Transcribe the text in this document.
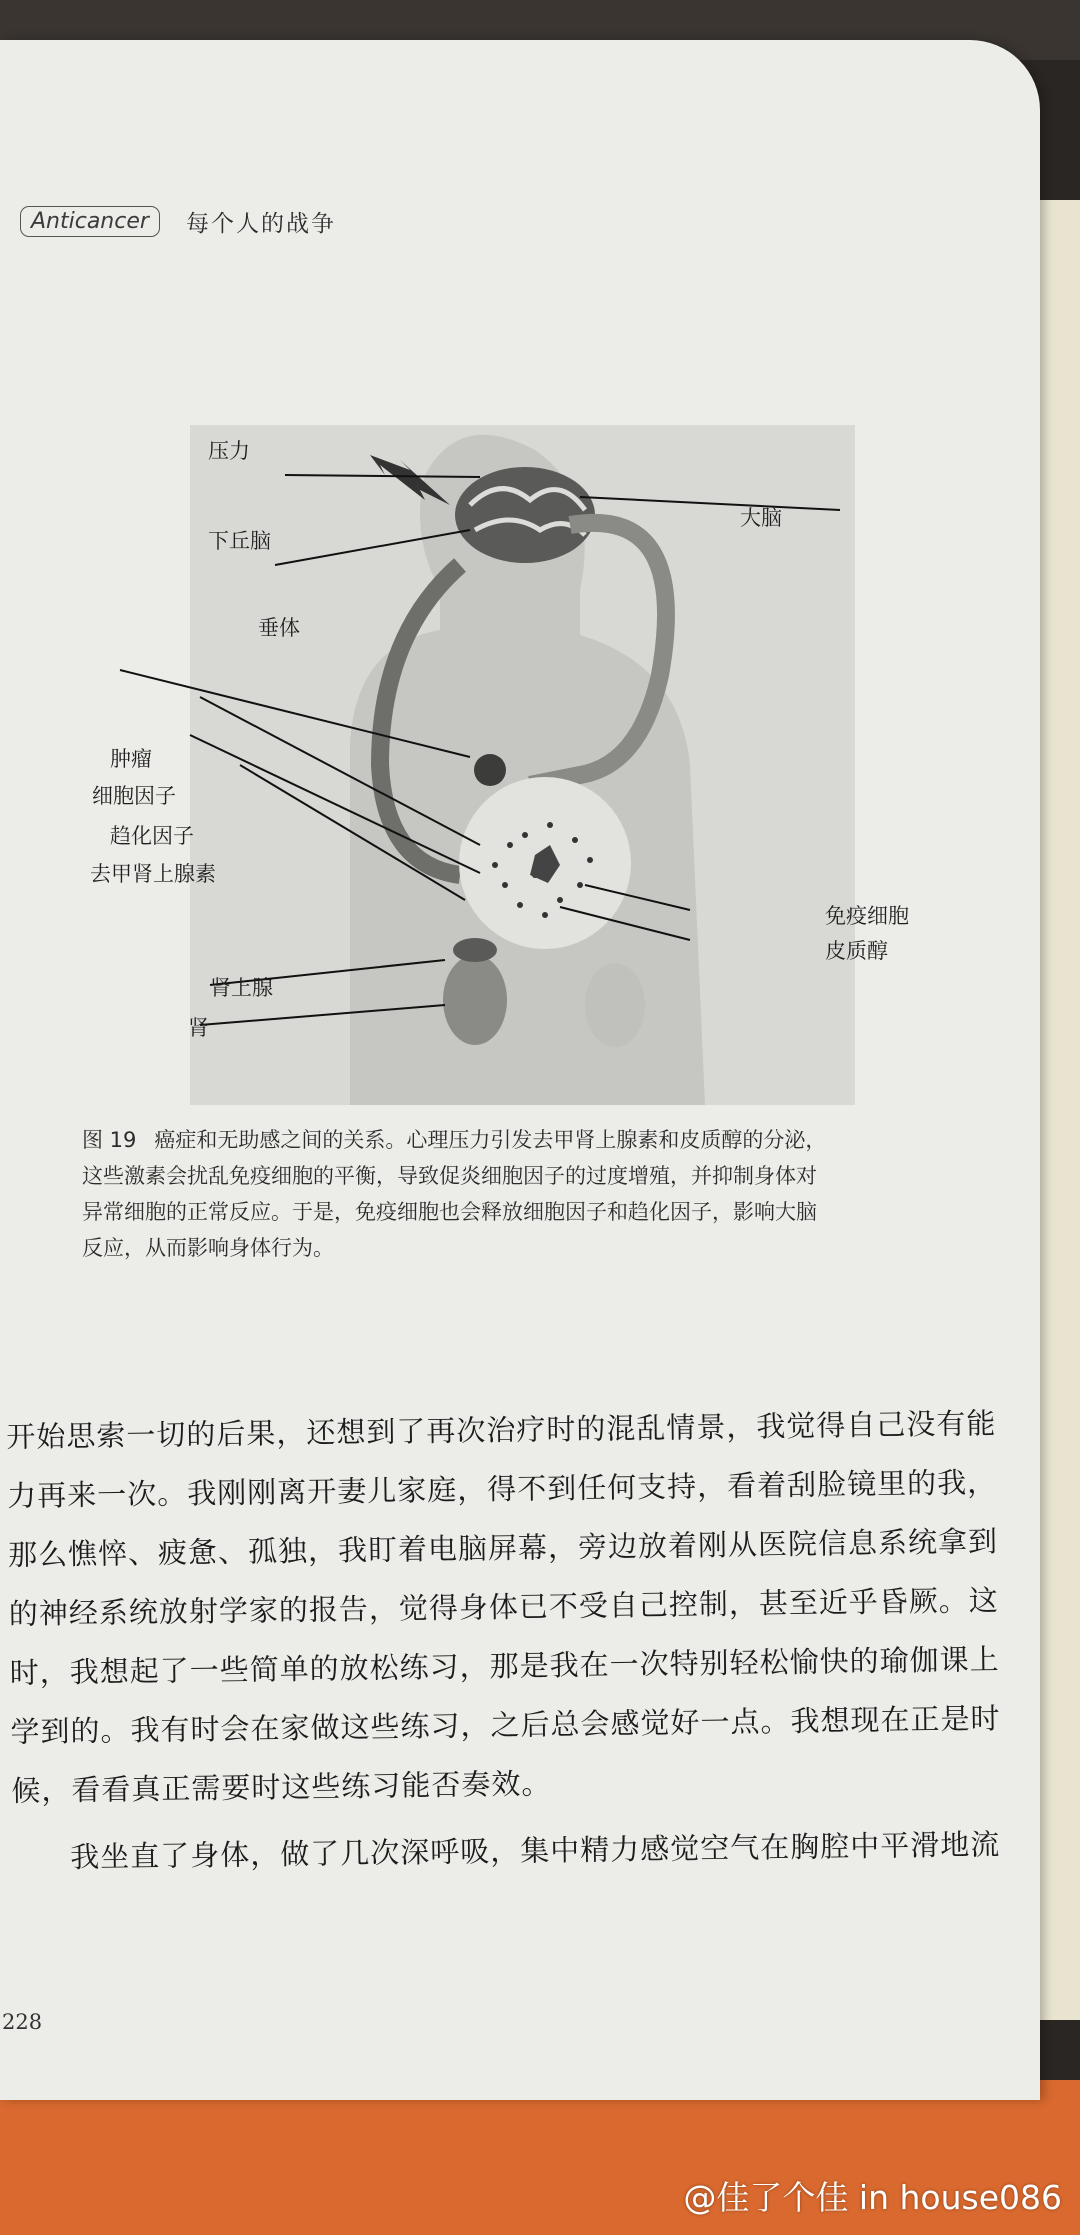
Anticancer	每个人的战争
压力
下丘脑
大脑
垂体
肿瘤
细胞因子
趋化因子
去甲肾上腺素
免疫细胞
皮质醇
肾上腺
肾
图 19 癌症和无助感之间的关系。心理压力引发去甲肾上腺素和皮质醇的分泌，
这些激素会扰乱免疫细胞的平衡，导致促炎细胞因子的过度增殖，并抑制身体对
异常细胞的正常反应。于是，免疫细胞也会释放细胞因子和趋化因子，影响大脑
反应，从而影响身体行为。

开始思索一切的后果，还想到了再次治疗时的混乱情景，我觉得自己没有能

力再来一次。我刚刚离开妻儿家庭，得不到任何支持，看着刮脸镜里的我，

那么憔悴、疲惫、孤独，我盯着电脑屏幕，旁边放着刚从医院信息系统拿到

的神经系统放射学家的报告，觉得身体已不受自己控制，甚至近乎昏厥。这

时，我想起了一些简单的放松练习，那是我在一次特别轻松愉快的瑜伽课上

学到的。我有时会在家做这些练习，之后总会感觉好一点。我想现在正是时

候，看看真正需要时这些练习能否奏效。

我坐直了身体，做了几次深呼吸，集中精力感觉空气在胸腔中平滑地流

228
@佳了个佳 in house086
